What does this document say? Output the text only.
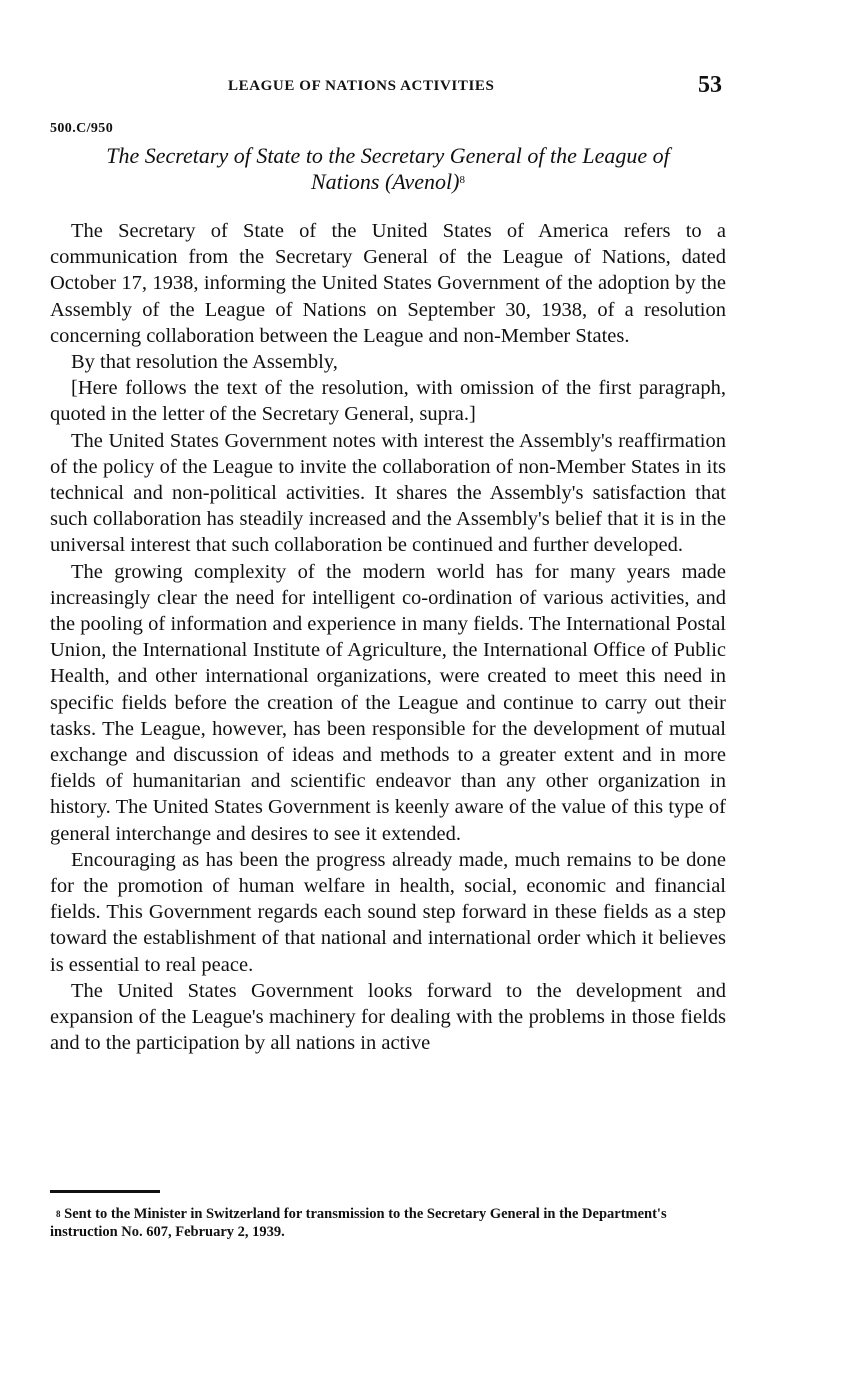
LEAGUE OF NATIONS ACTIVITIES	53
500.C/950
The Secretary of State to the Secretary General of the League of
Nations (Avenol)$^8$

The Secretary of State of the United States of America refers to a communication from the Secretary General of the League of Nations, dated October 17, 1938, informing the United States Government of the adoption by the Assembly of the League of Nations on September 30, 1938, of a resolution concerning collaboration between the League and non-Member States.

By that resolution the Assembly,

[Here follows the text of the resolution, with omission of the first paragraph, quoted in the letter of the Secretary General, supra.]

The United States Government notes with interest the Assembly's reaffirmation of the policy of the League to invite the collaboration of non-Member States in its technical and non-political activities. It shares the Assembly's satisfaction that such collaboration has steadily increased and the Assembly's belief that it is in the universal interest that such collaboration be continued and further developed.

The growing complexity of the modern world has for many years made increasingly clear the need for intelligent co-ordination of various activities, and the pooling of information and experience in many fields. The International Postal Union, the International Institute of Agriculture, the International Office of Public Health, and other international organizations, were created to meet this need in specific fields before the creation of the League and continue to carry out their tasks. The League, however, has been responsible for the development of mutual exchange and discussion of ideas and methods to a greater extent and in more fields of humanitarian and scientific endeavor than any other organization in history. The United States Government is keenly aware of the value of this type of general interchange and desires to see it extended.

Encouraging as has been the progress already made, much remains to be done for the promotion of human welfare in health, social, economic and financial fields. This Government regards each sound step forward in these fields as a step toward the establishment of that national and international order which it believes is essential to real peace.

The United States Government looks forward to the development and expansion of the League's machinery for dealing with the problems in those fields and to the participation by all nations in active

$^8$ Sent to the Minister in Switzerland for transmission to the Secretary General in the Department's instruction No. 607, February 2, 1939.
